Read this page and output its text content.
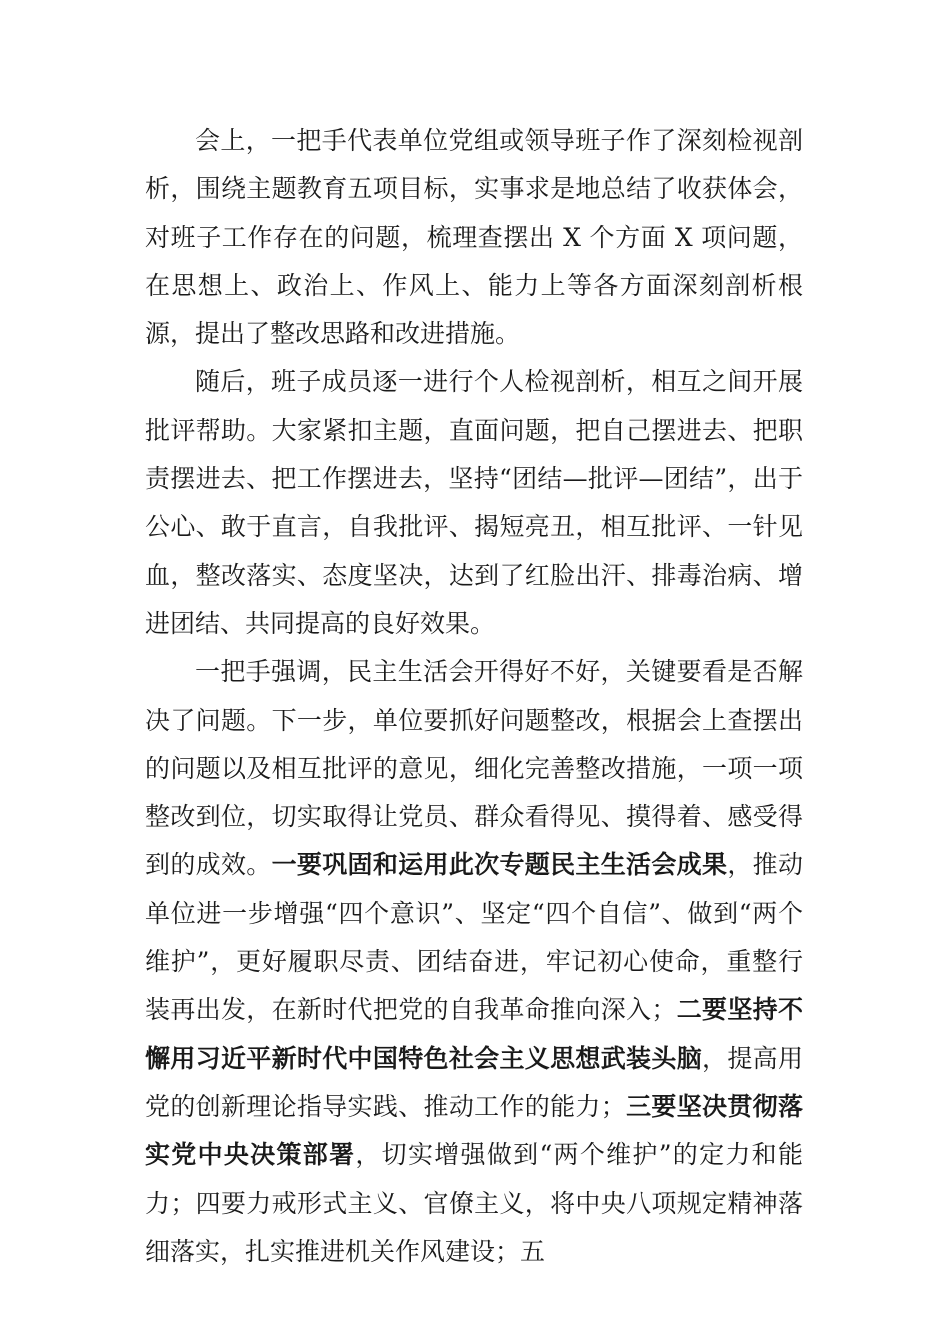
会上，一把手代表单位党组或领导班子作了深刻检视剖析，围绕主题教育五项目标，实事求是地总结了收获体会，对班子工作存在的问题，梳理查摆出 X 个方面 X 项问题，在思想上、政治上、作风上、能力上等各方面深刻剖析根源，提出了整改思路和改进措施。

随后，班子成员逐一进行个人检视剖析，相互之间开展批评帮助。大家紧扣主题，直面问题，把自己摆进去、把职责摆进去、把工作摆进去，坚持“团结—批评—团结”，出于公心、敢于直言，自我批评、揭短亮丑，相互批评、一针见血，整改落实、态度坚决，达到了红脸出汗、排毒治病、增进团结、共同提高的良好效果。

一把手强调，民主生活会开得好不好，关键要看是否解决了问题。下一步，单位要抓好问题整改，根据会上查摆出的问题以及相互批评的意见，细化完善整改措施，一项一项整改到位，切实取得让党员、群众看得见、摸得着、感受得到的成效。一要巩固和运用此次专题民主生活会成果，推动单位进一步增强“四个意识”、坚定“四个自信”、做到“两个维护”，更好履职尽责、团结奋进，牢记初心使命，重整行装再出发，在新时代把党的自我革命推向深入；二要坚持不懈用习近平新时代中国特色社会主义思想武装头脑，提高用党的创新理论指导实践、推动工作的能力；三要坚决贯彻落实党中央决策部署，切实增强做到“两个维护”的定力和能力；四要力戒形式主义、官僚主义，将中央八项规定精神落细落实，扎实推进机关作风建设；五
